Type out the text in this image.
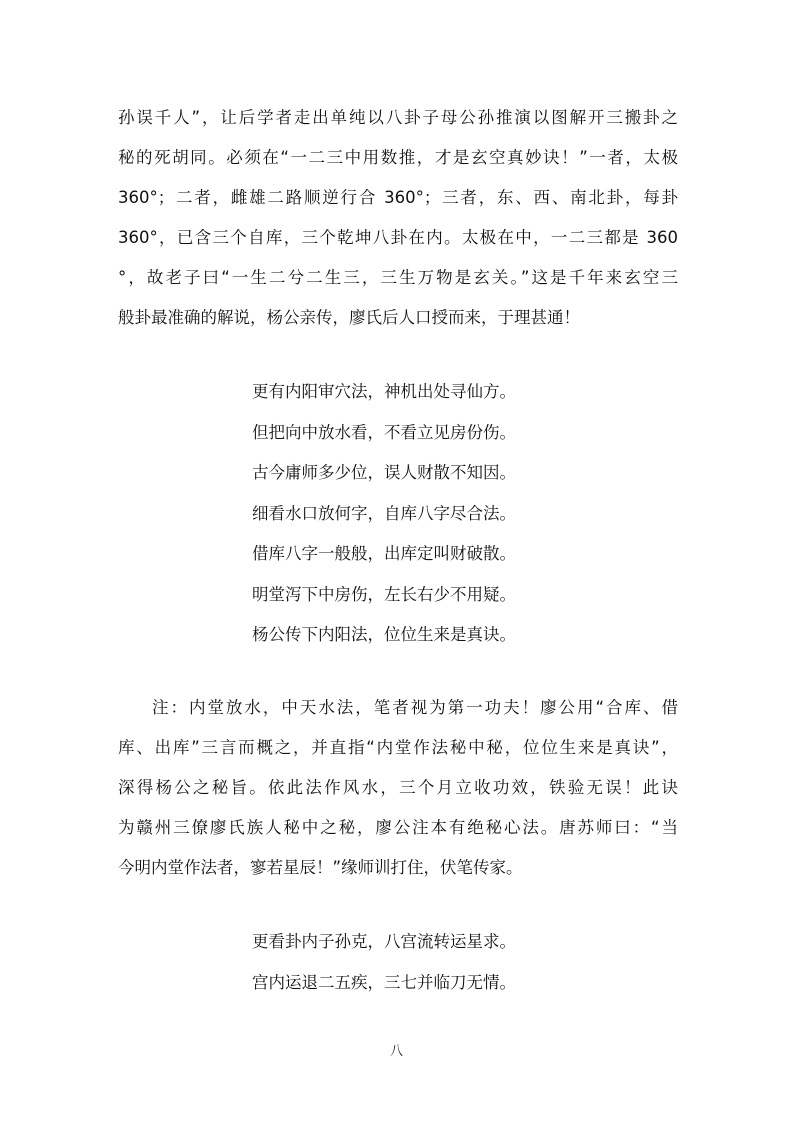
孙误千人”，让后学者走出单纯以八卦子母公孙推演以图解开三搬卦之
秘的死胡同。必须在“一二三中用数推，才是玄空真妙诀！”一者，太极
360°；二者，雌雄二路顺逆行合 360°；三者，东、西、南北卦，每卦
360°，已含三个自库，三个乾坤八卦在内。太极在中，一二三都是 360
°，故老子曰“一生二兮二生三，三生万物是玄关。”这是千年来玄空三
般卦最准确的解说，杨公亲传，廖氏后人口授而来，于理甚通！
更有内阳审穴法，神机出处寻仙方。
但把向中放水看，不看立见房份伤。
古今庸师多少位，误人财散不知因。
细看水口放何字，自库八字尽合法。
借库八字一般般，出库定叫财破散。
明堂泻下中房伤，左长右少不用疑。
杨公传下内阳法，位位生来是真诀。
注：内堂放水，中天水法，笔者视为第一功夫！廖公用“合库、借
库、出库”三言而概之，并直指“内堂作法秘中秘，位位生来是真诀”，
深得杨公之秘旨。依此法作风水，三个月立收功效，铁验无误！此诀
为赣州三僚廖氏族人秘中之秘，廖公注本有绝秘心法。唐苏师曰：“当
今明内堂作法者，寥若星辰！”缘师训打住，伏笔传家。
更看卦内子孙克，八宫流转运星求。
宫内运退二五疾，三七并临刀无情。
八
